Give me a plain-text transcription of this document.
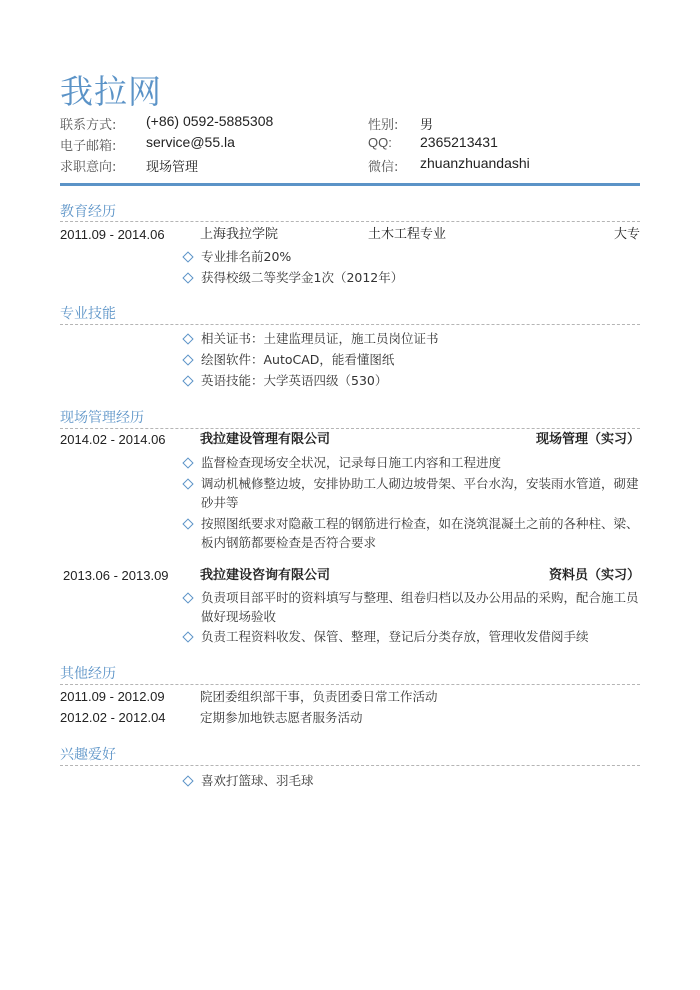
我拉网
联系方式: (+86) 0592-5885308
电子邮箱: service@55.la
求职意向: 现场管理
性别: 男
QQ: 2365213431
微信: zhuanzhuandashi
教育经历
2011.09 - 2014.06	上海我拉学院	土木工程专业	大专
专业排名前20%
获得校级二等奖学金1次（2012年）
专业技能
相关证书：土建监理员证，施工员岗位证书
绘图软件：AutoCAD，能看懂图纸
英语技能：大学英语四级（530）
现场管理经历
2014.02 - 2014.06	我拉建设管理有限公司	现场管理（实习）
监督检查现场安全状况，记录每日施工内容和工程进度
调动机械修整边坡，安排协助工人砌边坡骨架、平台水沟，安装雨水管道，砌建砂井等
按照图纸要求对隐蔽工程的钢筋进行检查，如在浇筑混凝土之前的各种柱、梁、板内钢筋都要检查是否符合要求
2013.06 - 2013.09 我拉建设咨询有限公司	资料员（实习）
负责项目部平时的资料填写与整理、组卷归档以及办公用品的采购，配合施工员做好现场验收
负责工程资料收发、保管、整理，登记后分类存放，管理收发借阅手续
其他经历
2011.09 - 2012.09	院团委组织部干事，负责团委日常工作活动
2012.02 - 2012.04	定期参加地铁志愿者服务活动
兴趣爱好
喜欢打篮球、羽毛球
